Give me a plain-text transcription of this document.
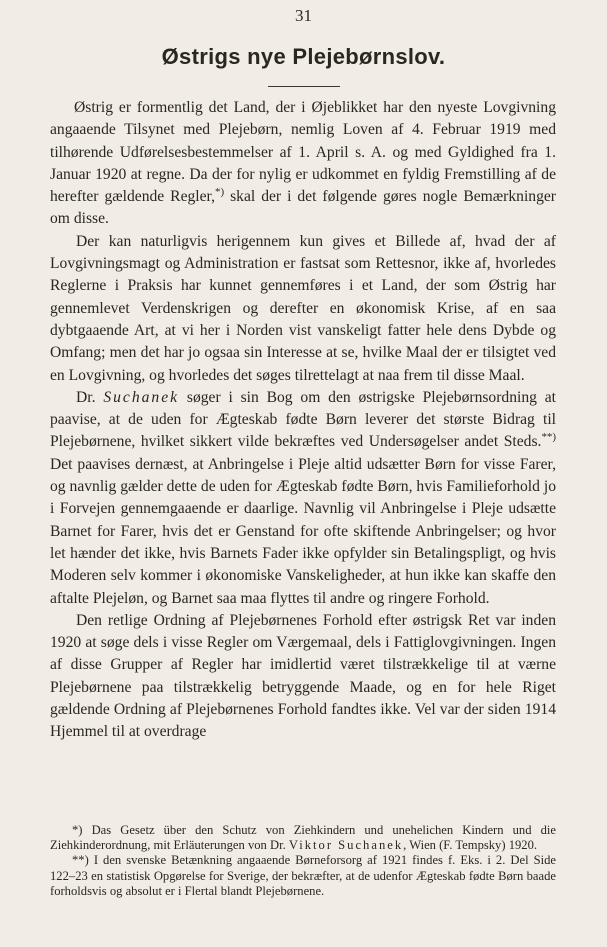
31
Østrigs nye Plejebørnslov.

Østrig er formentlig det Land, der i Øjeblikket har den nyeste Lovgivning angaaende Tilsynet med Plejebørn, nemlig Loven af 4. Februar 1919 med tilhørende Udførelsesbestemmelser af 1. April s. A. og med Gyldighed fra 1. Januar 1920 at regne. Da der for nylig er udkommet en fyldig Fremstilling af de herefter gældende Regler,*) skal der i det følgende gøres nogle Bemærkninger om disse.

Der kan naturligvis herigennem kun gives et Billede af, hvad der af Lovgivningsmagt og Administration er fastsat som Rettesnor, ikke af, hvorledes Reglerne i Praksis har kunnet gennemføres i et Land, der som Østrig har gennemlevet Verdenskrigen og derefter en økonomisk Krise, af en saa dybtgaaende Art, at vi her i Norden vist vanskeligt fatter hele dens Dybde og Omfang; men det har jo ogsaa sin Interesse at se, hvilke Maal der er tilsigtet ved en Lovgivning, og hvorledes det søges tilrettelagt at naa frem til disse Maal.

Dr. Suchanek søger i sin Bog om den østrigske Plejebørnsordning at paavise, at de uden for Ægteskab fødte Børn leverer det største Bidrag til Plejebørnene, hvilket sikkert vilde bekræftes ved Undersøgelser andet Steds.**) Det paavises dernæst, at Anbringelse i Pleje altid udsætter Børn for visse Farer, og navnlig gælder dette de uden for Ægteskab fødte Børn, hvis Familieforhold jo i Forvejen gennemgaaende er daarlige. Navnlig vil Anbringelse i Pleje udsætte Barnet for Farer, hvis det er Genstand for ofte skiftende Anbringelser; og hvor let hænder det ikke, hvis Barnets Fader ikke opfylder sin Betalingspligt, og hvis Moderen selv kommer i økonomiske Vanskeligheder, at hun ikke kan skaffe den aftalte Plejeløn, og Barnet saa maa flyttes til andre og ringere Forhold.

Den retlige Ordning af Plejebørnenes Forhold efter østrigsk Ret var inden 1920 at søge dels i visse Regler om Værgemaal, dels i Fattiglovgivningen. Ingen af disse Grupper af Regler har imidlertid været tilstrækkelige til at værne Plejebørnene paa tilstrækkelig betryggende Maade, og en for hele Riget gældende Ordning af Plejebørnenes Forhold fandtes ikke. Vel var der siden 1914 Hjemmel til at overdrage

*) Das Gesetz über den Schutz von Ziehkindern und unehelichen Kindern und die Ziehkinderordnung, mit Erläuterungen von Dr. Viktor Suchanek, Wien (F. Tempsky) 1920.

**) I den svenske Betænkning angaaende Børneforsorg af 1921 findes f. Eks. i 2. Del Side 122–23 en statistisk Opgørelse for Sverige, der bekræfter, at de udenfor Ægteskab fødte Børn baade forholdsvis og absolut er i Flertal blandt Plejebørnene.
